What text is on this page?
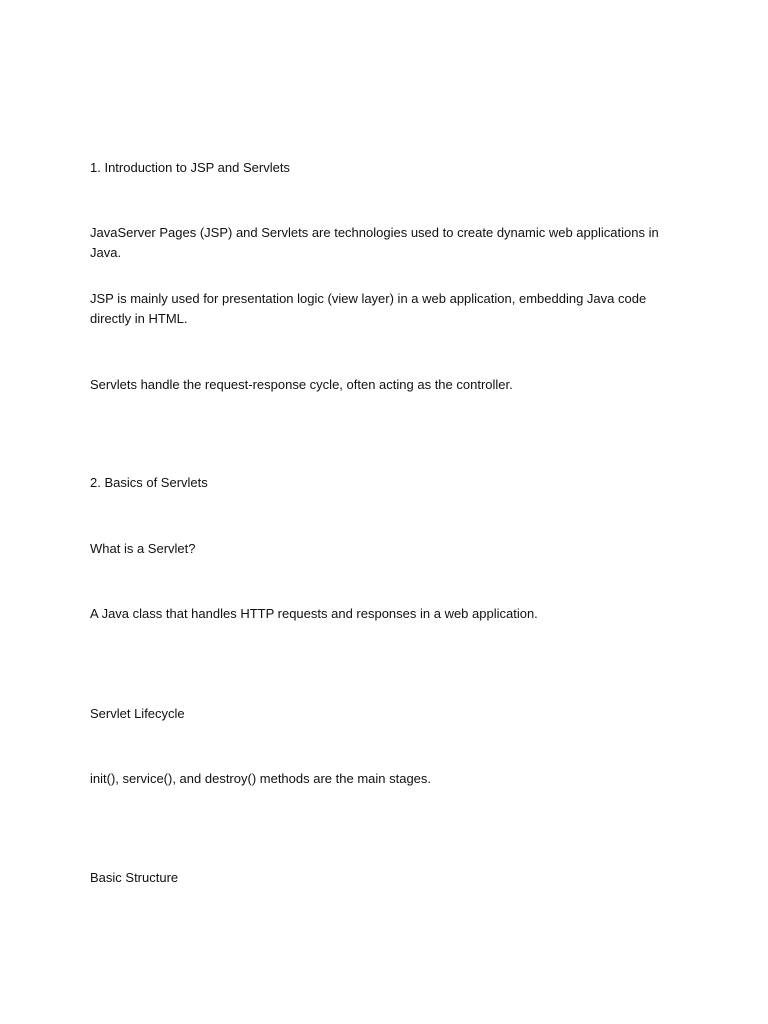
1. Introduction to JSP and Servlets

JavaServer Pages (JSP) and Servlets are technologies used to create dynamic web applications in Java.

JSP is mainly used for presentation logic (view layer) in a web application, embedding Java code directly in HTML.

Servlets handle the request-response cycle, often acting as the controller.

2. Basics of Servlets

What is a Servlet?

A Java class that handles HTTP requests and responses in a web application.

Servlet Lifecycle

init(), service(), and destroy() methods are the main stages.

Basic Structure
